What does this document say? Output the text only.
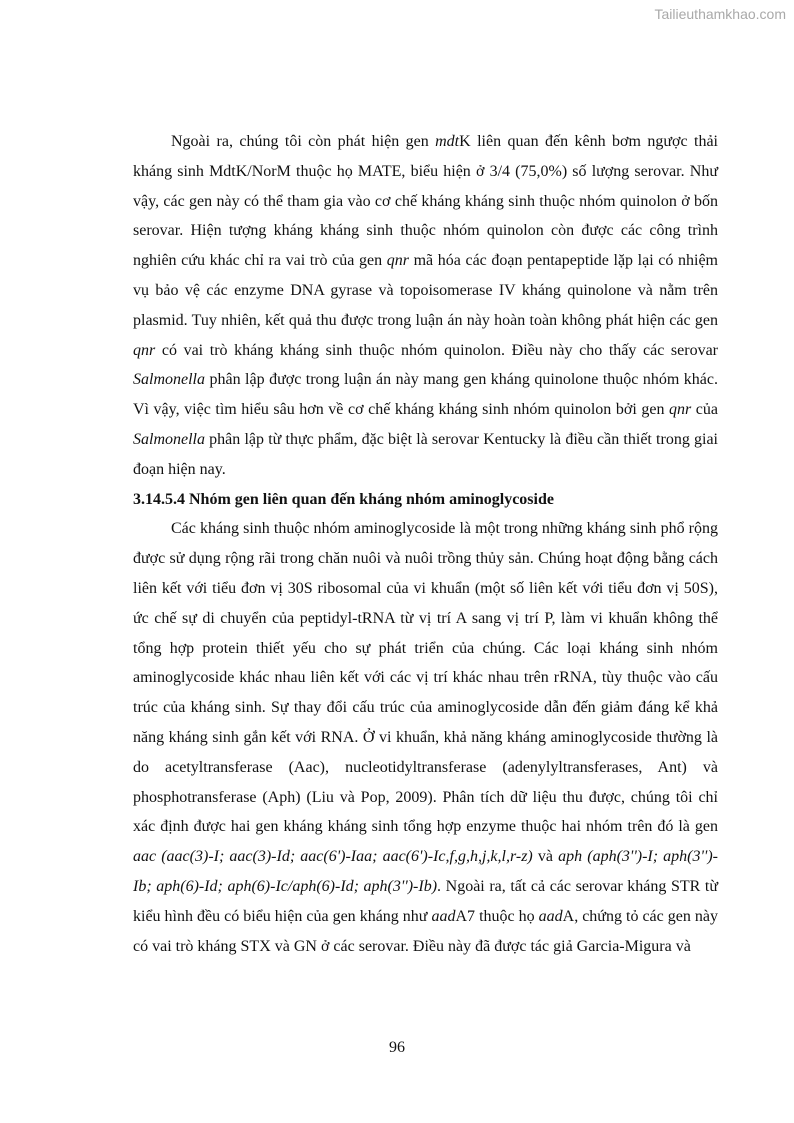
Tailieuthamkhao.com

Ngoài ra, chúng tôi còn phát hiện gen mdtK liên quan đến kênh bơm ngược thải kháng sinh MdtK/NorM thuộc họ MATE, biểu hiện ở 3/4 (75,0%) số lượng serovar. Như vậy, các gen này có thể tham gia vào cơ chế kháng kháng sinh thuộc nhóm quinolon ở bốn serovar. Hiện tượng kháng kháng sinh thuộc nhóm quinolon còn được các công trình nghiên cứu khác chỉ ra vai trò của gen qnr mã hóa các đoạn pentapeptide lặp lại có nhiệm vụ bảo vệ các enzyme DNA gyrase và topoisomerase IV kháng quinolone và nằm trên plasmid. Tuy nhiên, kết quả thu được trong luận án này hoàn toàn không phát hiện các gen qnr có vai trò kháng kháng sinh thuộc nhóm quinolon. Điều này cho thấy các serovar Salmonella phân lập được trong luận án này mang gen kháng quinolone thuộc nhóm khác. Vì vậy, việc tìm hiểu sâu hơn về cơ chế kháng kháng sinh nhóm quinolon bởi gen qnr của Salmonella phân lập từ thực phẩm, đặc biệt là serovar Kentucky là điều cần thiết trong giai đoạn hiện nay.

3.14.5.4 Nhóm gen liên quan đến kháng nhóm aminoglycoside

Các kháng sinh thuộc nhóm aminoglycoside là một trong những kháng sinh phổ rộng được sử dụng rộng rãi trong chăn nuôi và nuôi trồng thủy sản. Chúng hoạt động bằng cách liên kết với tiểu đơn vị 30S ribosomal của vi khuẩn (một số liên kết với tiểu đơn vị 50S), ức chế sự di chuyển của peptidyl-tRNA từ vị trí A sang vị trí P, làm vi khuẩn không thể tổng hợp protein thiết yếu cho sự phát triển của chúng. Các loại kháng sinh nhóm aminoglycoside khác nhau liên kết với các vị trí khác nhau trên rRNA, tùy thuộc vào cấu trúc của kháng sinh. Sự thay đổi cấu trúc của aminoglycoside dẫn đến giảm đáng kể khả năng kháng sinh gắn kết với RNA. Ở vi khuẩn, khả năng kháng aminoglycoside thường là do acetyltransferase (Aac), nucleotidyltransferase (adenylyltransferases, Ant) và phosphotransferase (Aph) (Liu và Pop, 2009). Phân tích dữ liệu thu được, chúng tôi chỉ xác định được hai gen kháng kháng sinh tổng hợp enzyme thuộc hai nhóm trên đó là gen aac (aac(3)-I; aac(3)-Id; aac(6')-Iaa; aac(6')-Ic,f,g,h,j,k,l,r-z) và aph (aph(3'')-I; aph(3'')-Ib; aph(6)-Id; aph(6)-Ic/aph(6)-Id; aph(3'')-Ib). Ngoài ra, tất cả các serovar kháng STR từ kiểu hình đều có biểu hiện của gen kháng như aadA7 thuộc họ aadA, chứng tỏ các gen này có vai trò kháng STX và GN ở các serovar. Điều này đã được tác giả Garcia-Migura và

96
